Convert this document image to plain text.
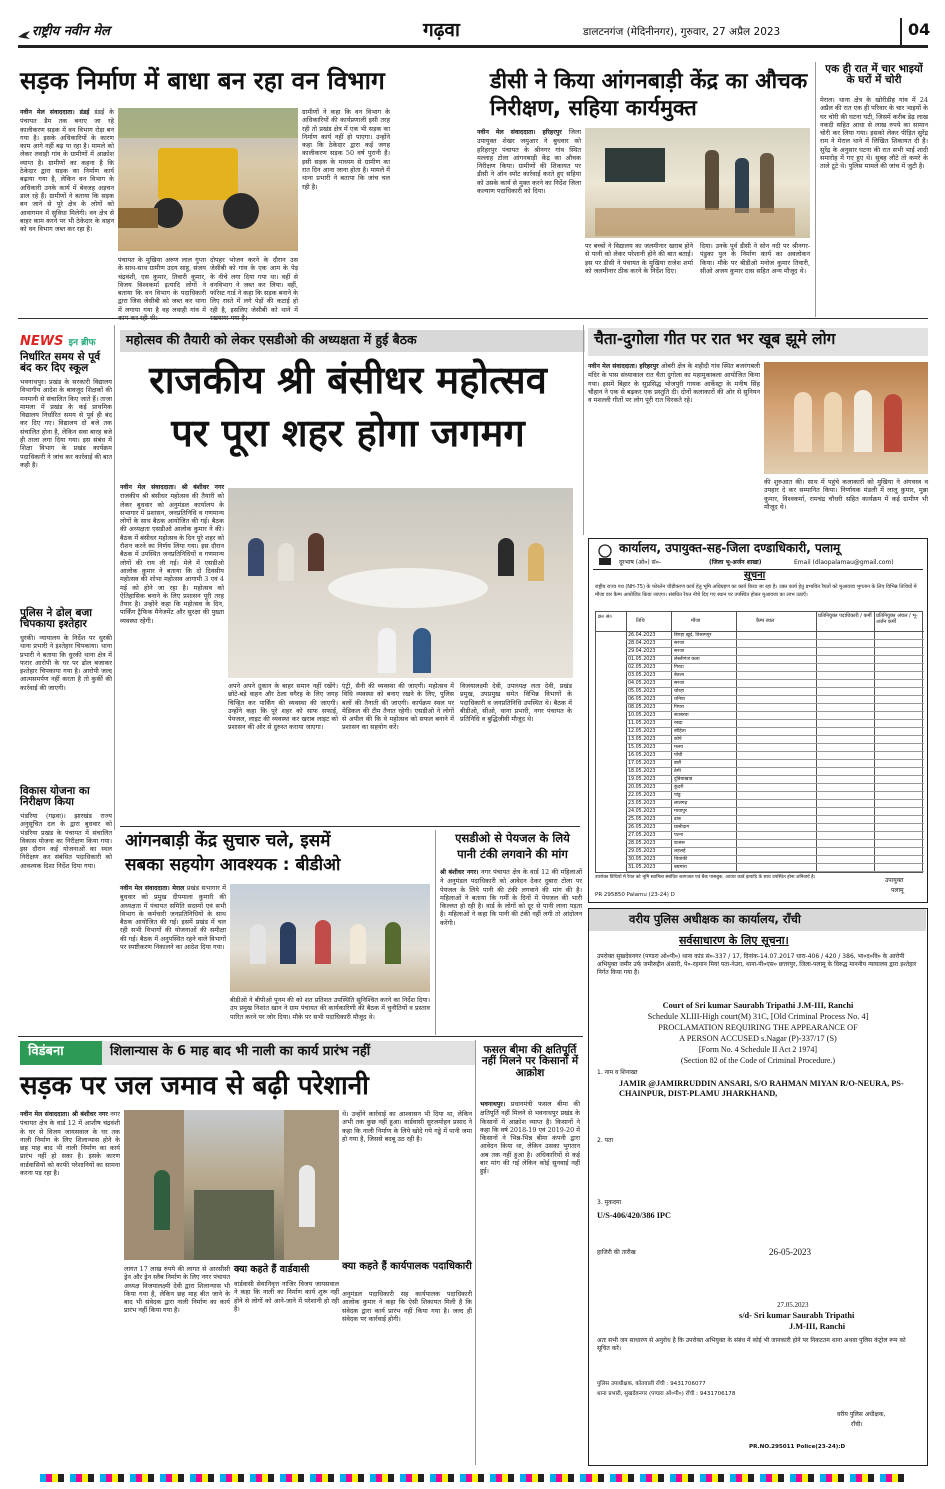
राष्ट्रीय नवीन मेल	गढ़वा	डालटनगंज (मेदिनीनगर), गुरुवार, 27 अप्रैल 2023	04
सड़क निर्माण में बाधा बन रहा वन विभाग
नवीन मेल संवाददाता। डंडई डंडई के पंचायत डैम तक बनाए जा रहे कालीकरण सड़क में वन विभाग रोड़ा बन गया है। इसके अधिकारियों के कारण काम आगे नहीं बढ़ पा रहा है। मामले को लेकर लवाही गांव के ग्रामीणों में आक्रोश व्याप्त है। ग्रामीणों का कहना है कि ठेकेदार द्वारा सड़क का निर्माण कार्य बढ़ाया गया है, लेकिन वन विभाग के अधिकारी उनके कार्य में बेवजह अड़चन डाल रहे हैं। ग्रामीणों ने बताया कि सड़क बन जाने से पूरे क्षेत्र के लोगों को आवागमन में सुविधा मिलेगी। वन क्षेत्र से बाहर काम करने पर भी ठेकेदार के वाहन को वन विभाग जब्त कर रहा है।
पंचायत के मुखिया अरुण लाल गुप्ता के साथ-साथ ग्रामीण उदय साहु, संजय चंद्रवंशी, एस कुमार, तिवारी कुमार, विजय विश्वकर्मा इत्यादि लोगों ने बताया कि वन विभाग के पदाधिकारी द्वारा जिस जेसीबी को जब्त कर थाना में लगाया गया है वह लवाही गांव में
दोपहर भोजन करने के दौरान उस जेसीबी को गांव के एक आम के पेड़ के नीचे लगा दिया गया था। वहीं से वनविभाग ने जब्त कर लिया। वहीं, फॉरेस्ट गार्ड ने कहा कि सड़क बनाने के लिए रास्ते में लगे पेड़ों की कटाई हो रही है, इसलिए जेसीबी को थाने में
ग्रामीणों ने कहा कि वन विभाग के अधिकारियों की कार्यप्रणाली इसी तरह रही तो प्रखंड क्षेत्र में एक भी सड़क का निर्माण कार्य नहीं हो पाएगा। उन्होंने कहा कि ठेकेदार द्वारा कई जगह कालीकरण सड़क 50 वर्ष पुरानी है। इसी सड़क के माध्यम से ग्रामीण का रात दिन आना जाना होता है। मामले में थाना प्रभारी ने बताया कि जांच चल रही है।
डीसी ने किया आंगनबाड़ी केंद्र का औचक निरीक्षण, सहिया कार्यमुक्त
नवीन मेल संवाददाता। हरिहरपुर जिला उपायुक्त शेखर जमुआर ने बुधवार को हरिहरपुर पंचायत के श्रीनगर गांव स्थित मल्लाह टोला आंगनबाड़ी केंद्र का औचक निरीक्षण किया। ग्रामीणों की शिकायत पर डीसी ने ऑन स्पॉट कार्रवाई करते हुए सहिया को उसके कार्य से मुक्त करने का निर्देश जिला कल्याण पदाधिकारी को दिया।
पर बच्चों ने विद्यालय का जलमीनार खराब होने से पानी को लेकर परेशानी होने की बात बताई। इस पर डीसी ने पंचायत के मुखिया राजेश शर्मा को जलमीनार ठीक करने के निर्देश दिए।
दिया। उनके पूर्व डीसी ने सोन नदी पर श्रीनगर-पंडुका पुल के निर्माण कार्य का अवलोकन किया। मौके पर बीडीओ मनोज कुमार तिवारी, सीओ अजय कुमार दास सहित अन्य मौजूद थे।
एक ही रात में चार भाइयों के घरों में चोरी
मेराल। थाना क्षेत्र के खोरीडीह गांव में 24 अप्रैल की रात एक ही परिवार के चार भाइयों के घर चोरी की घटना घटी, जिसमें करीब डेढ़ लाख नकदी सहित आधा से लाख रुपये का सामान चोरी कर लिया गया। इसको लेकर पीड़ित सुरेंद्र राम ने मेराल थाने में लिखित शिकायत दी है। सुरेंद्र के अनुसार घटना की रात सभी भाई शादी समारोह में गए हुए थे। सुबह लौटे तो कमरे के ताले टूटे थे। पुलिस मामले की जांच में जुटी है।
महोत्सव की तैयारी को लेकर एसडीओ की अध्यक्षता में हुई बैठक
राजकीय श्री बंसीधर महोत्सव
पर पूरा शहर होगा जगमग
नवीन मेल संवाददाता। श्री बंशीधर नगर राजकीय श्री बंसीधर महोत्सव की तैयारी को लेकर बुधवार को अनुमंडल कार्यालय के सभागार में प्रशासन, जनप्रतिनिधि व गणमान्य लोगों के साथ बैठक आयोजित की गई। बैठक की अध्यक्षता एसडीओ आलोक कुमार ने की। बैठक में बंसीधर महोत्सव के दिन पूरे शहर को रौशन करने का निर्णय लिया गया। इस दौरान बैठक में उपस्थित जनप्रतिनिधियों व गणमान्य लोगों की राय ली गई। मेले में एसडीओ आलोक कुमार ने बताया कि दो दिवसीय महोत्सव की शोभा महोत्सव आगामी 3 एवं 4 मई को होने जा रहा है। महोत्सव को ऐतिहासिक बनाने के लिए प्रशासन पूरी तरह तैयार है। उन्होंने कहा कि महोत्सव के दिन, पार्किंग ट्रैफिक मैनेजमेंट और सुरक्षा की पुख्ता व्यवस्था रहेगी।
अपने अपने दुकान के बाहर समान नहीं रखेंगे। छोटे-बड़े वाहन और ठेला वगैरह के लिए जगह चिन्हित कर पार्किंग की व्यवस्था की जाएगी। उन्होंने कहा कि पूरे शहर को साफ सफाई, पेयजल, लाइट की व्यवस्था कर खराब लाइट को प्रशासन की ओर से दुरुस्त कराया जाएगा।
एंट्री, सैनी की व्यवस्था की जाएगी। महोत्सव में विधि व्यवस्था को बनाए रखने के लिए, पुलिस बलों की तैनाती की जाएगी। कार्यक्रम स्थल पर मेडिकल की टीम तैनात रहेगी। एसडीओ ने लोगों से अपील की कि वे महोत्सव को सफल बनाने में प्रशासन का सहयोग करें।
विजयालक्ष्मी देवी, उपाध्यक्ष लता देवी, प्रखंड प्रमुख, उपप्रमुख समेत विभिन्न विभागों के पदाधिकारी व जनप्रतिनिधि उपस्थित थे। बैठक में बीडीओ, सीओ, थाना प्रभारी, नगर पंचायत के प्रतिनिधि व बुद्धिजीवी मौजूद थे।
NEWS इन ब्रीफ
निर्धारित समय से पूर्व बंद कर दिए स्कूल
भवनाथपुर। प्रखंड के सरकारी विद्यालय विभागीय आदेश के बावजूद शिक्षकों की मनमानी से संचालित किए जाते हैं। ताजा मामला में प्रखंड के कई प्राथमिक विद्यालय निर्धारित समय से पूर्व ही बंद कर दिए गए। विद्यालय दो बजे तक संचालित होना है, लेकिन सवा बारह बजे ही ताला लगा दिया गया। इस संबंध में शिक्षा विभाग के प्रखंड कार्यक्रम पदाधिकारी ने जांच कर कार्रवाई की बात कही है।
पुलिस ने ढोल बजा चिपकाया इश्तेहार
धुरकी। न्यायालय के निर्देश पर धुरकी थाना प्रभारी ने इश्तेहार चिपकाया। थाना प्रभारी ने बताया कि धुरकी थाना क्षेत्र में फरार आरोपी के घर पर ढोल बजाकर इश्तेहार चिपकाया गया है। आरोपी जल्द आत्मसमर्पण नहीं करता है तो कुर्की की कार्रवाई की जाएगी।
विकास योजना का निरीक्षण किया
भंडरिया (गढ़वा)। झारखंड राज्य अनुसूचित दल के द्वारा बुधवार को भंडरिया प्रखंड के पंचायत में संचालित विकास योजना का निरीक्षण किया गया। इस दौरान कई योजनाओं का स्थल निरीक्षण कर संबंधित पदाधिकारी को आवश्यक दिशा निर्देश दिया गया।
चैता-दुगोला गीत पर रात भर खूब झूमे लोग
नवीन मेल संवाददाता। हरिहरपुर ओबरी क्षेत्र के शहीदी गांव स्थित बजरंगबली मंदिर के पास संध्याकाल रात चैता दुगोला का महामुकाबला आयोजित किया गया। इसमें बिहार के सुप्रसिद्ध भोजपुरी गायक आर्केस्ट्रा के मनीष सिंह चौहान ने एक से बढ़कर एक प्रस्तुति दी। दोनों कलाकारों की ओर से सुनियन व मशल्ली गीतों पर लोग पूरी रात थिरकते रहे।
की शुरुआत की। साथ में पहुंचे कलाकारों को मुखिया ने अंगवस्त्र व उपहार दे कर सम्मानित किया। निर्णायक मंडली में लालू कुमार, मुन्ना कुमार, विश्वकर्मा, रामचंद्र चौधरी सहित कार्यक्रम में कई ग्रामीण भी मौजूद थे।
कार्यालय, उपायुक्त-सह-जिला दण्डाधिकारी, पलामू
दूरभाष (ओ०) सं०-	(जिला भू-अर्जन शाखा)	Email (dlaopalamau@gmail.com)
सूचना
राष्ट्रीय राज्य पथ (NH-75) के फोरलेन चौड़ीकरण कार्य हेतु भूमि अधिग्रहण का कार्य किया जा रहा है। उक्त कार्य हेतु प्रभावित रैयतों को मुआवजा भुगतान के लिए विभिन्न तिथियों में मौजा वार कैम्प आयोजित किया जाएगा। संबंधित रैयत नीचे दिए गए स्थान पर उपस्थित होकर मुआवजा का लाभ उठाएँ।
क्र० सं०
तिथि	मौजा	कैम्प स्थल
प्रतिनियुक्त पदाधिकारी / कर्मी प्रतिनियुक्त अंचल / भू-अर्जन कर्मी
26.04.2023	डिगहा खुर्द, विश्रामपुर
28.04.2023	सरजा
29.04.2023	सरजा
01.05.2023	लेस्लीगंज कला
02.05.2023	गिरदा
03.05.2023	बेतला
04.05.2023	सरजा
05.05.2023	चोरहा
06.05.2023	धनिया
08.05.2023	पिपरा
10.05.2023	सतबरवा
11.05.2023	रबदा
12.05.2023	बोहिता
13.05.2023	कोपे
15.05.2023	मलय
16.05.2023	पोंची
17.05.2023	बारी
18.05.2023	ठेमी
19.05.2023	दुबियाखाड़
20.05.2023	कुंदरी
22.05.2023	पांडु
23.05.2023	लालगढ़
24.05.2023	मायापुर
25.05.2023	ढाब
26.05.2023	घासीदाग
27.05.2023	पटना
28.05.2023	कजरू
29.05.2023	लहलहे
30.05.2023	चियांकी
31.05.2023	बघमारा
उपरोक्त तिथियों में रैयत को भूमि स्वामित्व संबंधित कागजात एवं बैंक पासबुक, आधार कार्ड इत्यादि के साथ उपस्थित होना अनिवार्य है।
PR 295850 Palamu (23-24) D
उपायुक्त
पलामू
आंगनबाड़ी केंद्र सुचारु चले, इसमें
सबका सहयोग आवश्यक : बीडीओ
नवीन मेल संवाददाता। मेराल प्रखंड सभागार में बुधवार को प्रमुख दीपमाला कुमारी की अध्यक्षता में पंचायत समिति सदस्यों एवं सभी विभाग के कर्मचारी जनप्रतिनिधियों के साथ बैठक आयोजित की गई। इसमें प्रखंड में चल रही सभी विभागों की योजनाओं की समीक्षा की गई। बैठक में अनुपस्थित रहने वाले विभागों पर स्पष्टीकरण निकालने का आदेश दिया गया।
बीडीओ ने बीपीओ पूनम की को शत प्रतिशत उपस्थिति सुनिश्चित करने का निर्देश दिया। उप प्रमुख निशांत खान ने ग्राम पंचायत की कार्यकारिणी की बैठक में चुनौतियों व प्रस्ताव पारित करने पर जोर दिया। मौके पर सभी पदाधिकारी मौजूद थे।
एसडीओ से पेयजल के लिये
पानी टंकी लगवाने की मांग
श्री बंशीधर नगर। नगर पंचायत क्षेत्र के वार्ड 12 की महिलाओं ने अनुमंडल पदाधिकारी को आवेदन देकर दुबारा टोला पर पेयजल के लिये पानी की टंकी लगवाने की मांग की है। महिलाओं ने बताया कि गर्मी के दिनों में पेयजल की भारी किल्लत हो रही है। वार्ड के लोगों को दूर से पानी लाना पड़ता है। महिलाओं ने कहा कि पानी की टंकी नहीं लगी तो आंदोलन करेंगी।
विडंबना	शिलान्यास के 6 माह बाद भी नाली का कार्य प्रारंभ नहीं
सड़क पर जल जमाव से बढ़ी परेशानी
नवीन मेल संवाददाता। श्री बंशीधर नगर नगर पंचायत क्षेत्र के वार्ड 12 में आशीष चंद्रवंशी के घर से विजय जायसवाल के घर तक नाली निर्माण के लिए शिलान्यास होने के छह माह बाद भी नाली निर्माण का कार्य प्रारंभ नहीं हो सका है। इसके कारण वार्डवासियों को काफी परेशानियों का सामना करना पड़ रहा है।
लागत 17 लाख रुपये की लागत से आरसीसी ड्रेन और ड्रेन स्लैब निर्माण के लिए नगर पंचायत अध्यक्ष विजयालक्ष्मी देवी द्वारा शिलान्यास भी किया गया है, लेकिन छह माह बीत जाने के बाद भी संवेदक द्वारा नाली निर्माण का कार्य प्रारंभ नहीं किया गया है।
थे। उन्होंने कार्रवाई का आश्वासन भी दिया था, लेकिन अभी तक कुछ नहीं हुआ। वार्डवासी सुरजमोहन प्रसाद ने कहा कि नाली निर्माण के लिये खोदे गये गड्ढे में पानी जमा हो गया है, जिससे बदबू उठ रही है।
क्या कहते हैं कार्यपालक पदाधिकारी
अनुमंडल पदाधिकारी सह कार्यपालक पदाधिकारी आलोक कुमार ने कहा कि ऐसी शिकायत मिली है कि संवेदक द्वारा कार्य प्रारंभ नहीं किया गया है। जल्द ही संवेदक पर कार्रवाई होगी।
क्या कहते हैं वार्डवासी
वार्डवासी सेवानिवृत्त नाजिर विजय जायसवाल ने कहा कि नाली का निर्माण कार्य शुरू नहीं होने से लोगों को आने-जाने में परेशानी हो रही है।
फसल बीमा की क्षतिपूर्ति नहीं मिलने पर किसानों में आक्रोश
भवनाथपुर। प्रधानमंत्री फसल बीमा की क्षतिपूर्ति नहीं मिलने से भवनाथपुर प्रखंड के किसानों में आक्रोश व्याप्त है। किसानों ने कहा कि वर्ष 2018-19 एवं 2019-20 में किसानों ने भिन्न-भिन्न बीमा कंपनी द्वारा आवेदन किया था, लेकिन उसका भुगतान अब तक नहीं हुआ है। अधिकारियों से कई बार मांग की गई लेकिन कोई सुनवाई नहीं हुई।
वरीय पुलिस अधीक्षक का कार्यालय, राँची
सर्वसाधारण के लिए सूचना।
उपरोक्त सुखदेवनगर (पण्डरा ओ०पी०) थाना कांड सं०-337 / 17, दिनांक-14.07.2017 धारा-406 / 420 / 386, भा०द०वि० के आरोपी अभियुक्त जमीर उर्फ जमीरुद्दीन अंसारी, पे०-रहमान मियां पता-नेउरा, थाना-पी०एस० छत्तरपुर, जिला-पलामू के विरुद्ध माननीय न्यायालय द्वारा इश्तेहार निर्गत किया गया है।
Court of Sri kumar Saurabh Tripathi J.M-III, Ranchi
Schedule XLIII-High court(M) 31C, [Old Criminal Process No. 4]
PROCLAMATION REQUIRING THE APPEARANCE OF
A PERSON ACCUSED s.Nagar (P)-337/17 (S)
[Form No. 4 Schedule II Act 2 1974]
(Section 82 of the Code of Criminal Procedure.)
1. नाम व शिनाख्त
JAMIR @JAMIRRUDDIN ANSARI, S/O RAHMAN MIYAN R/O-NEURA, PS-CHAINPUR, DIST-PLAMU JHARKHAND,
2. पता
3. मुकदमा
U/S-406/420/386 IPC
हाजिरी की तारीख	26-05-2023
27.05.2023
s/d- Sri kumar Saurabh Tripathi
J.M-III, Ranchi
अतः सभी जन साधारण से अनुरोध है कि उपरोक्त अभियुक्त के संबंध में कोई भी जानकारी होने पर निकटतम थाना अथवा पुलिस कंट्रोल रूम को सूचित करें।
पुलिस उपाधीक्षक, कोतवाली राँची : 9431706077
थाना प्रभारी, सुखदेवनगर (पण्डरा ओ०पी०) राँची : 9431706178
वरीय पुलिस अधीक्षक,
राँची।
PR.NO.295011 Police(23-24):D
